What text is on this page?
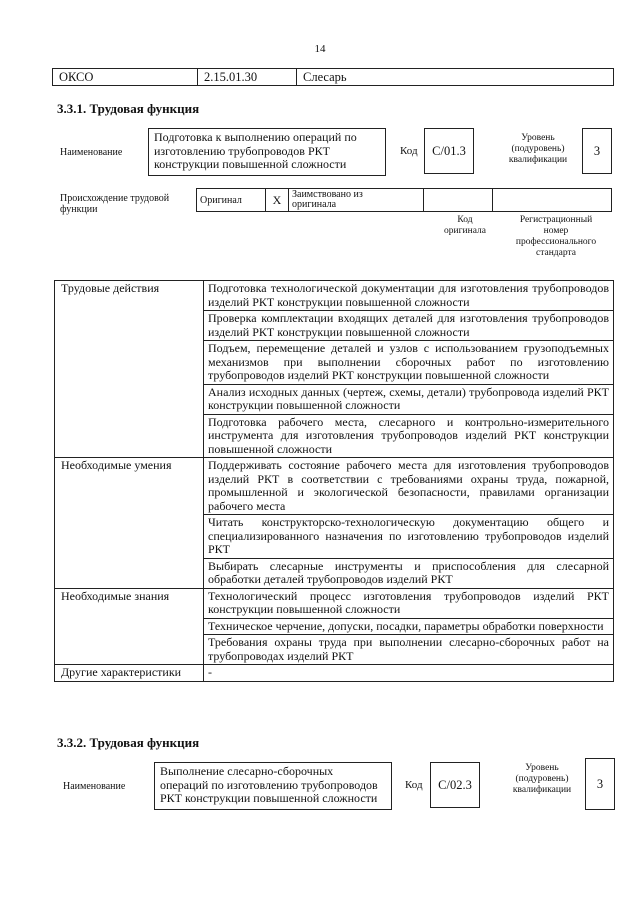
14
ОКСО	2.15.01.30	Слесарь
3.3.1. Трудовая функция
Наименование
Подготовка к выполнению операций по
изготовлению трубопроводов РКТ
конструкции повышенной сложности
Код	C/01.3
Уровень
(подуровень)
квалификации
3
Происхождение трудовой
функции
Оригинал	X	Заимствовано из
оригинала

Код
оригинала
Регистрационный
номер
профессионального
стандарта
Трудовые действия	Подготовка технологической документации для изготовления трубопроводов изделий РКТ конструкции повышенной сложности
	Проверка комплектации входящих деталей для изготовления трубопроводов изделий РКТ конструкции повышенной сложности
	Подъем, перемещение деталей и узлов с использованием грузоподъемных механизмов при выполнении сборочных работ по изготовлению трубопроводов изделий РКТ конструкции повышенной сложности
	Анализ исходных данных (чертеж, схемы, детали) трубопровода изделий РКТ конструкции повышенной сложности
	Подготовка рабочего места, слесарного и контрольно-измерительного инструмента для изготовления трубопроводов изделий РКТ конструкции повышенной сложности
Необходимые умения	Поддерживать состояние рабочего места для изготовления трубопроводов изделий РКТ в соответствии с требованиями охраны труда, пожарной, промышленной и экологической безопасности, правилами организации рабочего места
	Читать конструкторско-технологическую документацию общего и специализированного назначения по изготовлению трубопроводов изделий РКТ
	Выбирать слесарные инструменты и приспособления для слесарной обработки деталей трубопроводов изделий РКТ
Необходимые знания	Технологический процесс изготовления трубопроводов изделий РКТ конструкции повышенной сложности
	Техническое черчение, допуски, посадки, параметры обработки поверхности
	Требования охраны труда при выполнении слесарно-сборочных работ на трубопроводах изделий РКТ
Другие характеристики	-
3.3.2. Трудовая функция
Наименование
Выполнение слесарно-сборочных
операций по изготовлению трубопроводов
РКТ конструкции повышенной сложности
Код	C/02.3
Уровень
(подуровень)
квалификации	3
